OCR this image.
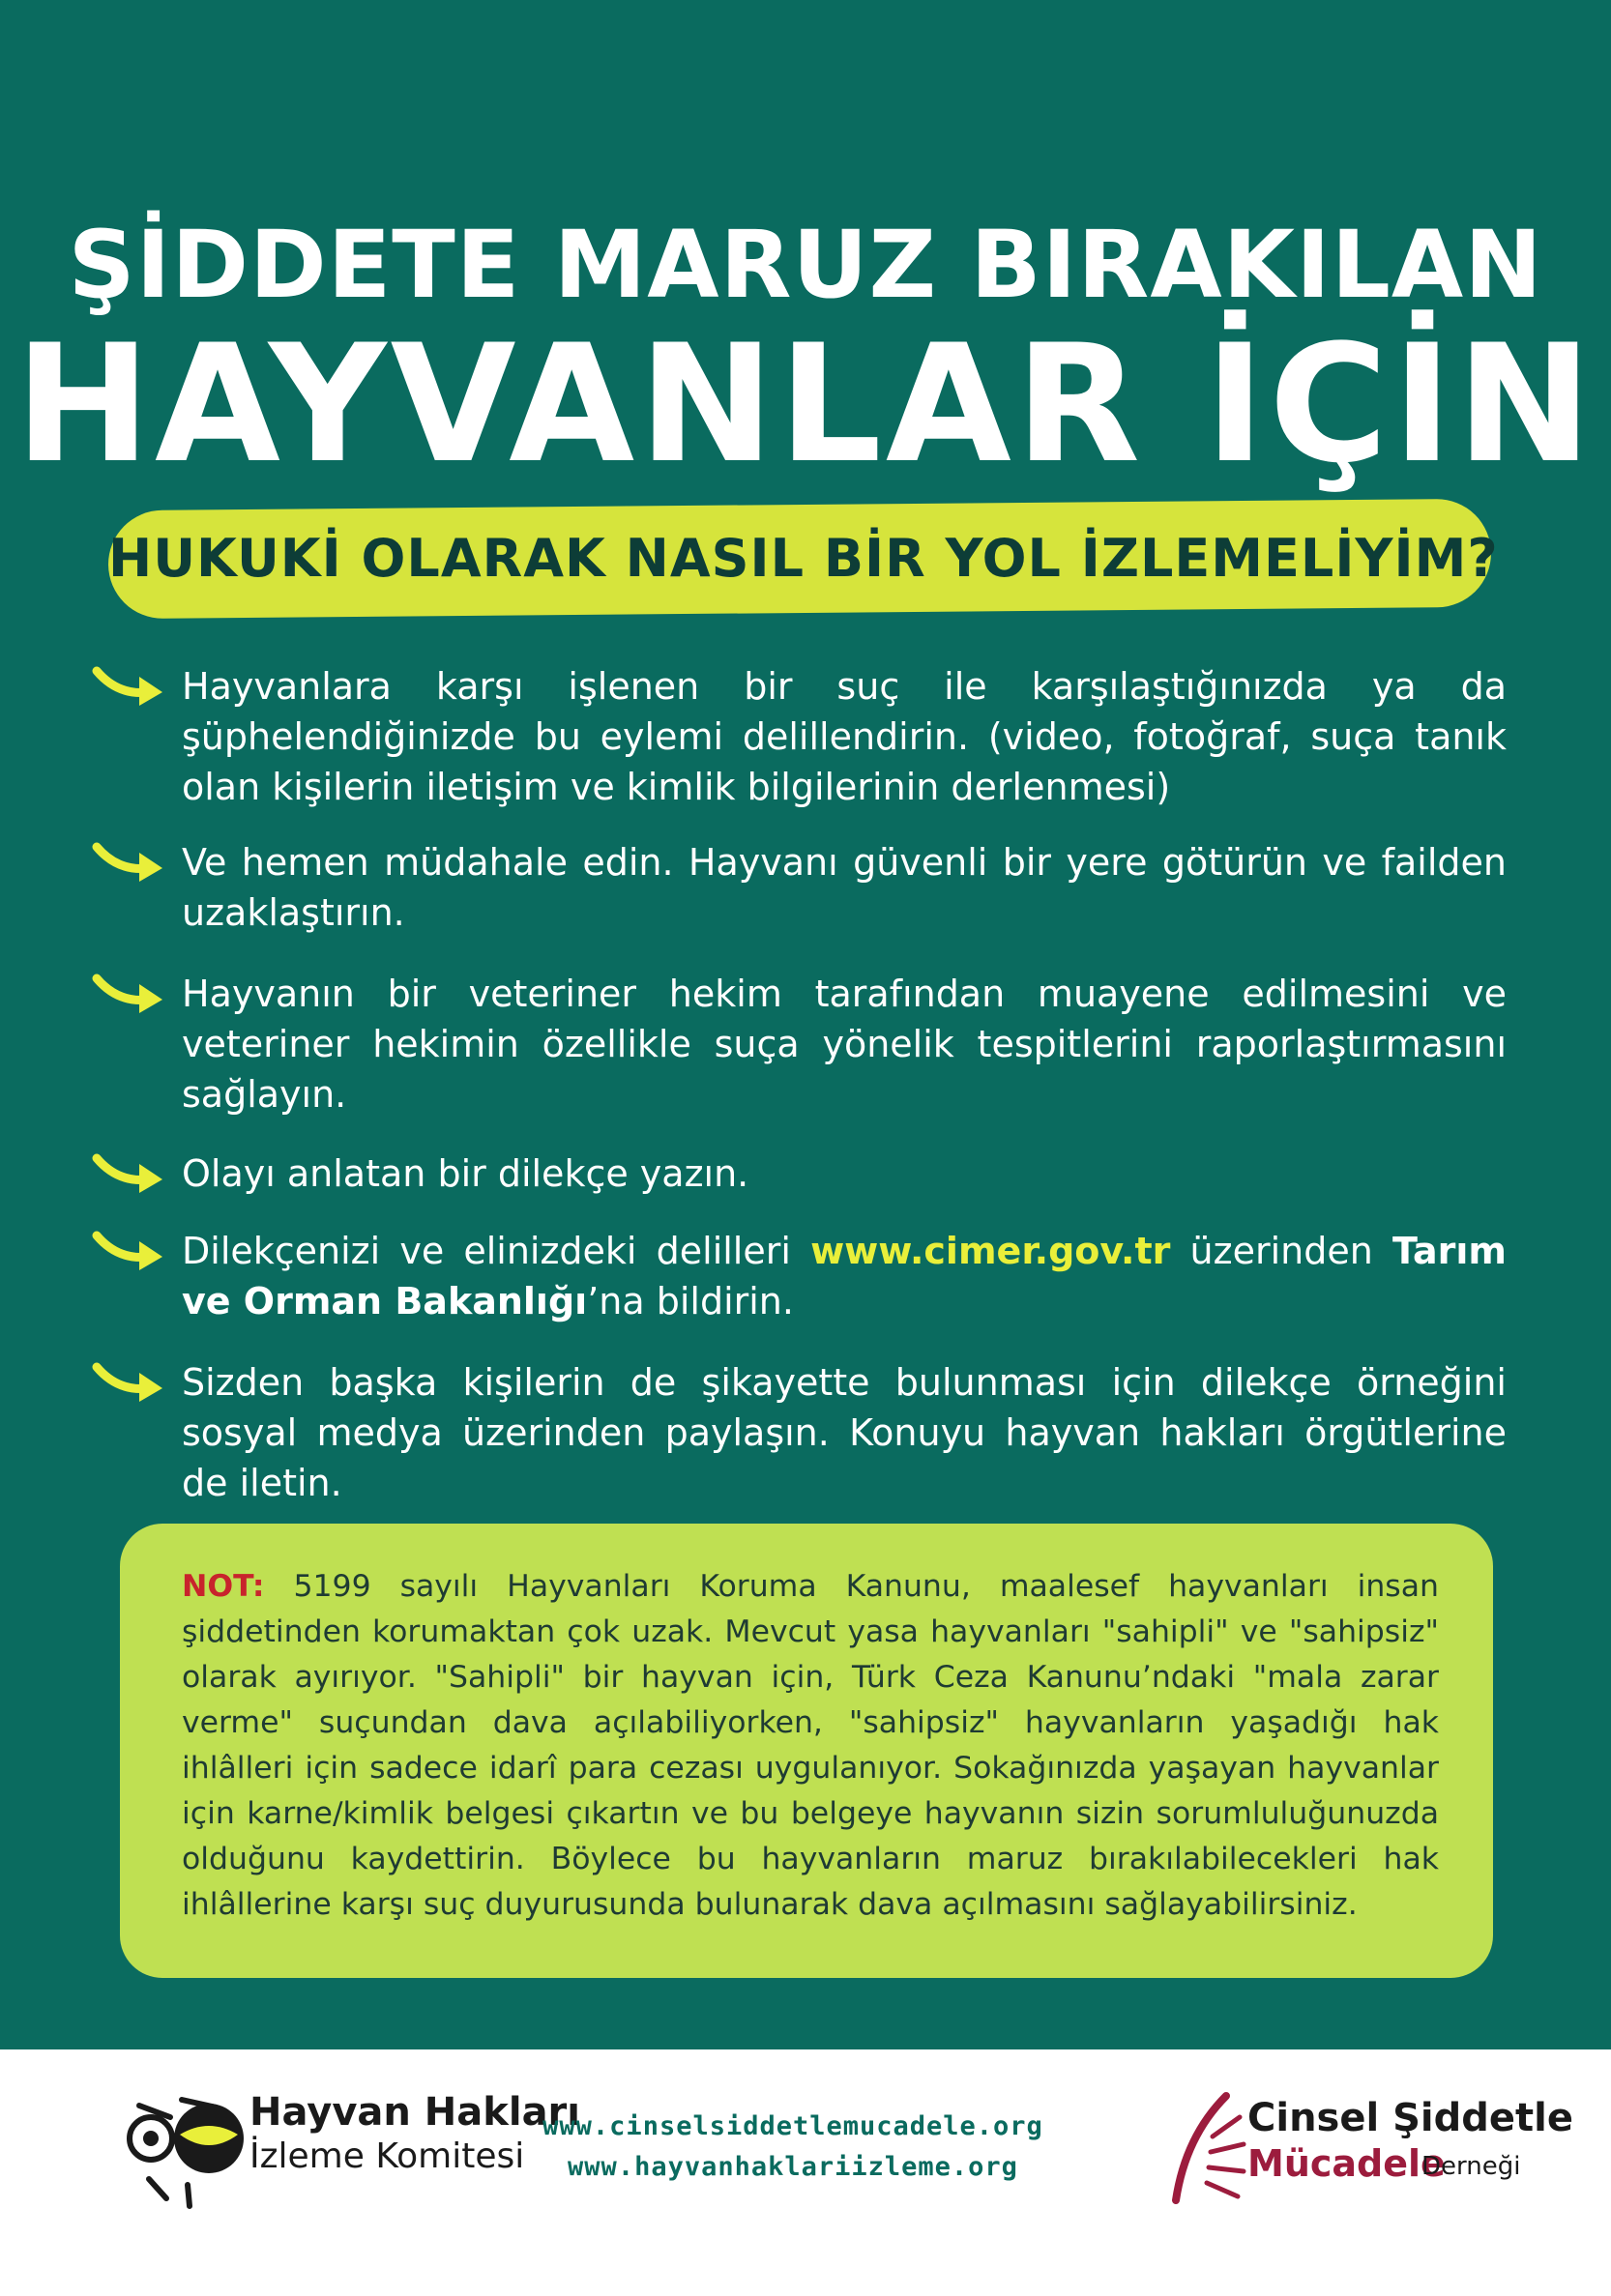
ŞİDDETE MARUZ BIRAKILAN
HAYVANLAR İÇİN
HUKUKİ OLARAK NASIL BİR YOL İZLEMELİYİM?
Hayvanlara karşı işlenen bir suç ile karşılaştığınızda ya da şüphelendiğinizde bu eylemi delillendirin. (video, fotoğraf, suça tanık olan kişilerin iletişim ve kimlik bilgilerinin derlenmesi)
Ve hemen müdahale edin. Hayvanı güvenli bir yere götürün ve failden uzaklaştırın.
Hayvanın bir veteriner hekim tarafından muayene edilmesini ve veteriner hekimin özellikle suça yönelik tespitlerini raporlaştırmasını sağlayın.
Olayı anlatan bir dilekçe yazın.
Dilekçenizi ve elinizdeki delilleri www.cimer.gov.tr üzerinden Tarım ve Orman Bakanlığı’na bildirin.
Sizden başka kişilerin de şikayette bulunması için dilekçe örneğini sosyal medya üzerinden paylaşın. Konuyu hayvan hakları örgütlerine de iletin.
NOT: 5199 sayılı Hayvanları Koruma Kanunu, maalesef hayvanları insan şiddetinden korumaktan çok uzak. Mevcut yasa hayvanları "sahipli" ve "sahipsiz" olarak ayırıyor. "Sahipli" bir hayvan için, Türk Ceza Kanunu’ndaki "mala zarar verme" suçundan dava açılabiliyorken, "sahipsiz" hayvanların yaşadığı hak ihlâlleri için sadece idarî para cezası uygulanıyor. Sokağınızda yaşayan hayvanlar için karne/kimlik belgesi çıkartın ve bu belgeye hayvanın sizin sorumluluğunuzda olduğunu kaydettirin. Böylece bu hayvanların maruz bırakılabilecekleri hak ihlâllerine karşı suç duyurusunda bulunarak dava açılmasını sağlayabilirsiniz.
Hayvan Hakları
İzleme Komitesi
www.cinselsiddetlemucadele.org
www.hayvanhaklariizleme.org
Cinsel Şiddetle
Mücadele
Derneği
